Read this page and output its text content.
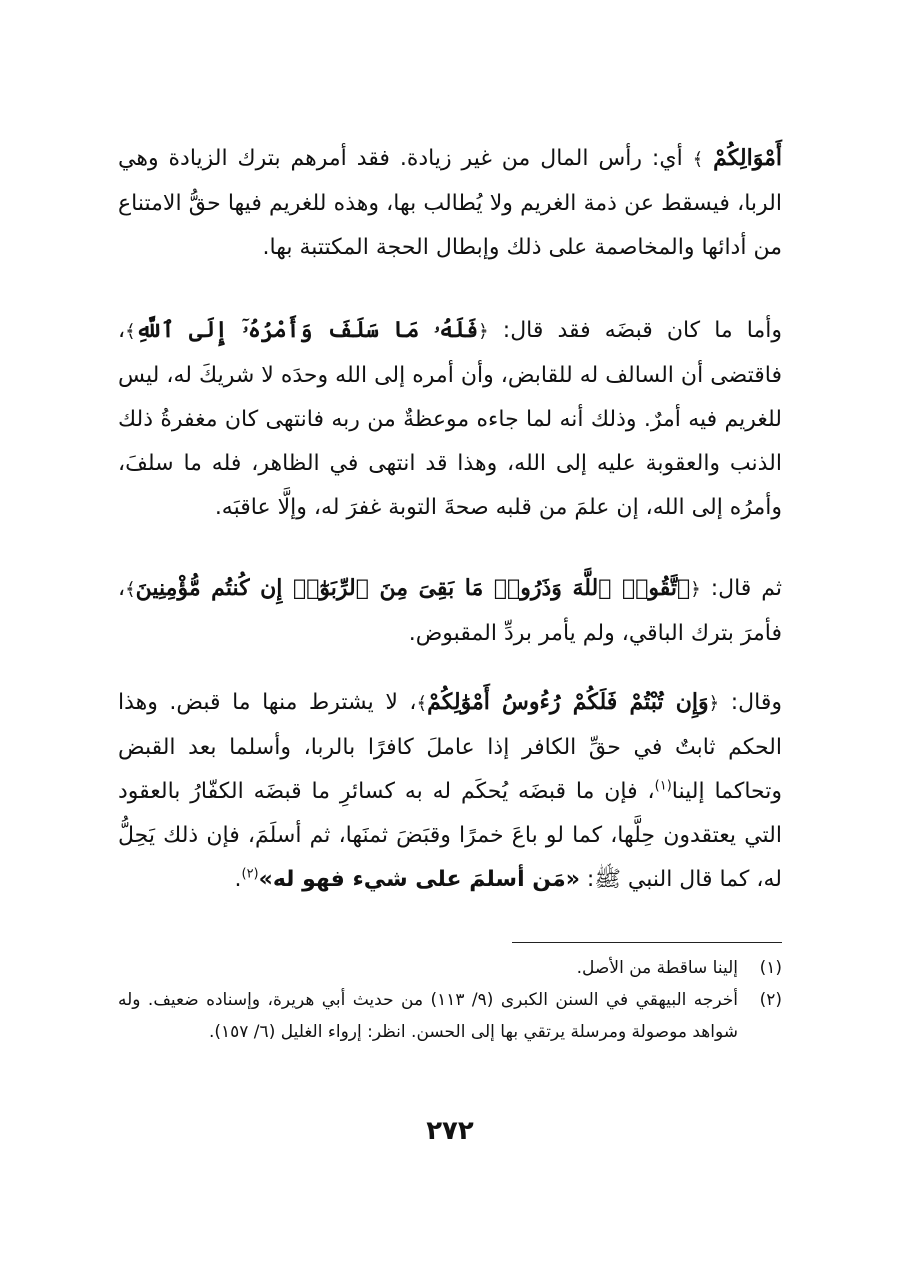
أَمْوَالِكُمْ ﴾ أي: رأس المال من غير زيادة. فقد أمرهم بترك الزيادة وهي الربا، فيسقط عن ذمة الغريم ولا يُطالب بها، وهذه للغريم فيها حقُّ الامتناع من أدائها والمخاصمة على ذلك وإبطال الحجة المكتتبة بها.

وأما ما كان قبضَه فقد قال: ﴿فَلَهُۥ مَا سَلَفَ وَأَمْرُهُۥٓ إِلَى ٱللَّهِ﴾، فاقتضى أن السالف له للقابض، وأن أمره إلى الله وحدَه لا شريكَ له، ليس للغريم فيه أمرٌ. وذلك أنه لما جاءه موعظةٌ من ربه فانتهى كان مغفرةُ ذلك الذنب والعقوبة عليه إلى الله، وهذا قد انتهى في الظاهر، فله ما سلفَ، وأمرُه إلى الله، إن علمَ من قلبه صحةَ التوبة غفرَ له، وإلَّا عاقبَه.

ثم قال: ﴿ٱتَّقُوا۟ ٱللَّهَ وَذَرُوا۟ مَا بَقِىَ مِنَ ٱلرِّبَوٰٓا۟ إِن كُنتُم مُّؤْمِنِينَ﴾، فأمرَ بترك الباقي، ولم يأمر بردِّ المقبوض.

وقال: ﴿وَإِن تُبْتُمْ فَلَكُمْ رُءُوسُ أَمْوَٰلِكُمْ﴾، لا يشترط منها ما قبض. وهذا الحكم ثابتٌ في حقِّ الكافر إذا عاملَ كافرًا بالربا، وأسلما بعد القبض وتحاكما إلينا$^{(١)}$، فإن ما قبضَه يُحكَم له به كسائرِ ما قبضَه الكفّارُ بالعقود التي يعتقدون حِلَّها، كما لو باعَ خمرًا وقبَضَ ثمنَها، ثم أسلَمَ، فإن ذلك يَحِلُّ له، كما قال النبي ﷺ: «مَن أسلمَ على شيء فهو له»$^{(٢)}$.

(١)
إلينا ساقطة من الأصل.

(٢)
أخرجه البيهقي في السنن الكبرى (٩/ ١١٣) من حديث أبي هريرة، وإسناده ضعيف. وله شواهد موصولة ومرسلة يرتقي بها إلى الحسن. انظر: إرواء الغليل (٦/ ١٥٧).

٢٧٢
